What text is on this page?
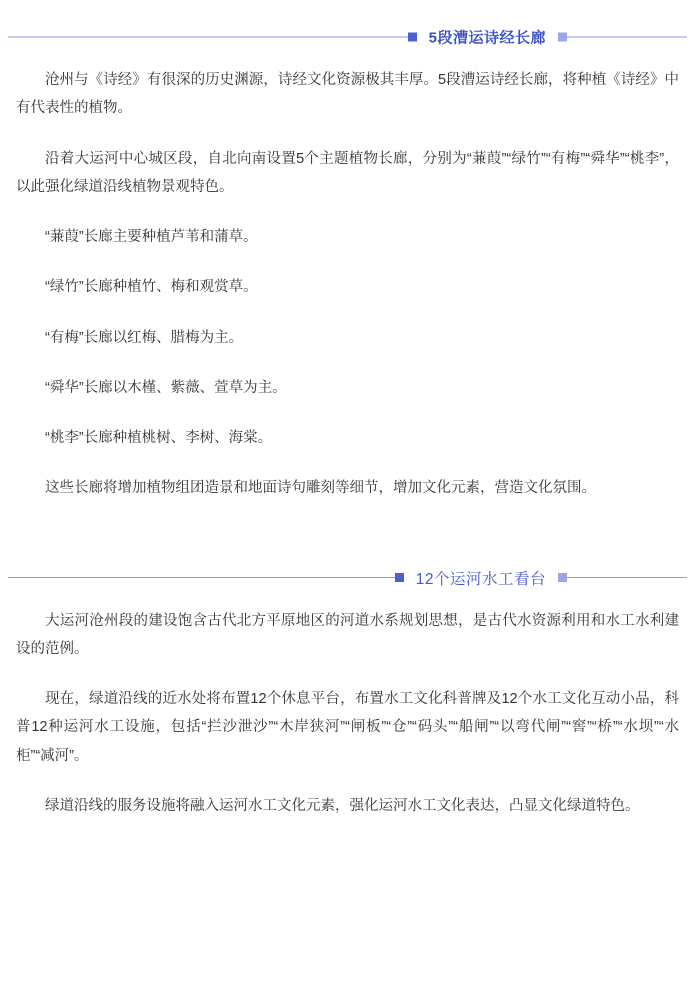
5段漕运诗经长廊

沧州与《诗经》有很深的历史渊源，诗经文化资源极其丰厚。5段漕运诗经长廊，将种植《诗经》中有代表性的植物。

沿着大运河中心城区段，自北向南设置5个主题植物长廊，分别为“蒹葭”“绿竹”“有梅”“舜华”“桃李”，以此强化绿道沿线植物景观特色。

“蒹葭”长廊主要种植芦苇和蒲草。

“绿竹”长廊种植竹、梅和观赏草。

“有梅”长廊以红梅、腊梅为主。

“舜华”长廊以木槿、紫薇、萱草为主。

“桃李”长廊种植桃树、李树、海棠。

这些长廊将增加植物组团造景和地面诗句雕刻等细节，增加文化元素，营造文化氛围。

12个运河水工看台

大运河沧州段的建设饱含古代北方平原地区的河道水系规划思想，是古代水资源利用和水工水利建设的范例。

现在，绿道沿线的近水处将布置12个休息平台，布置水工文化科普牌及12个水工文化互动小品，科普12种运河水工设施，包括“拦沙泄沙”“木岸狭河”“闸板”“仓”“码头”“船闸”“以弯代闸”“窖”“桥”“水坝”“水柜”“减河”。

绿道沿线的服务设施将融入运河水工文化元素，强化运河水工文化表达，凸显文化绿道特色。
